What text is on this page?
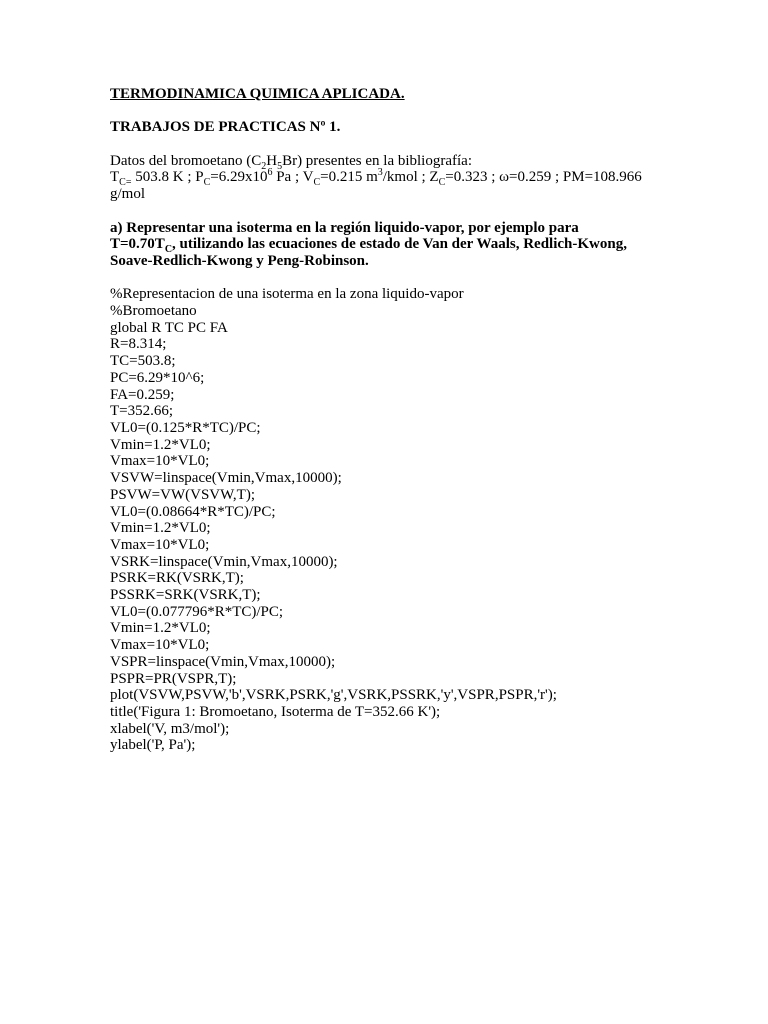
TERMODINAMICA QUIMICA APLICADA.

TRABAJOS DE PRACTICAS Nº 1.

Datos del bromoetano $(C_2H_5Br)$ presentes en la bibliografía:
$T_{C=}$ 503.8 K ; $P_C=6.29x10^6$ Pa ; $V_C=0.215$ $m^3$/kmol ; $Z_C=0.323$ ; ω=0.259 ; PM=108.966
g/mol
a) Representar una isoterma en la región liquido-vapor, por ejemplo para
$T=0.70T_C$, utilizando las ecuaciones de estado de Van der Waals, Redlich-Kwong,
Soave-Redlich-Kwong y Peng-Robinson.
%Representacion de una isoterma en la zona liquido-vapor
%Bromoetano
global R TC PC FA
R=8.314;
TC=503.8;
PC=6.29*10^6;
FA=0.259;
T=352.66;
VL0=(0.125*R*TC)/PC;
Vmin=1.2*VL0;
Vmax=10*VL0;
VSVW=linspace(Vmin,Vmax,10000);
PSVW=VW(VSVW,T);
VL0=(0.08664*R*TC)/PC;
Vmin=1.2*VL0;
Vmax=10*VL0;
VSRK=linspace(Vmin,Vmax,10000);
PSRK=RK(VSRK,T);
PSSRK=SRK(VSRK,T);
VL0=(0.077796*R*TC)/PC;
Vmin=1.2*VL0;
Vmax=10*VL0;
VSPR=linspace(Vmin,Vmax,10000);
PSPR=PR(VSPR,T);
plot(VSVW,PSVW,'b',VSRK,PSRK,'g',VSRK,PSSRK,'y',VSPR,PSPR,'r');
title('Figura 1: Bromoetano, Isoterma de T=352.66 K');
xlabel('V, m3/mol');
ylabel('P, Pa');
